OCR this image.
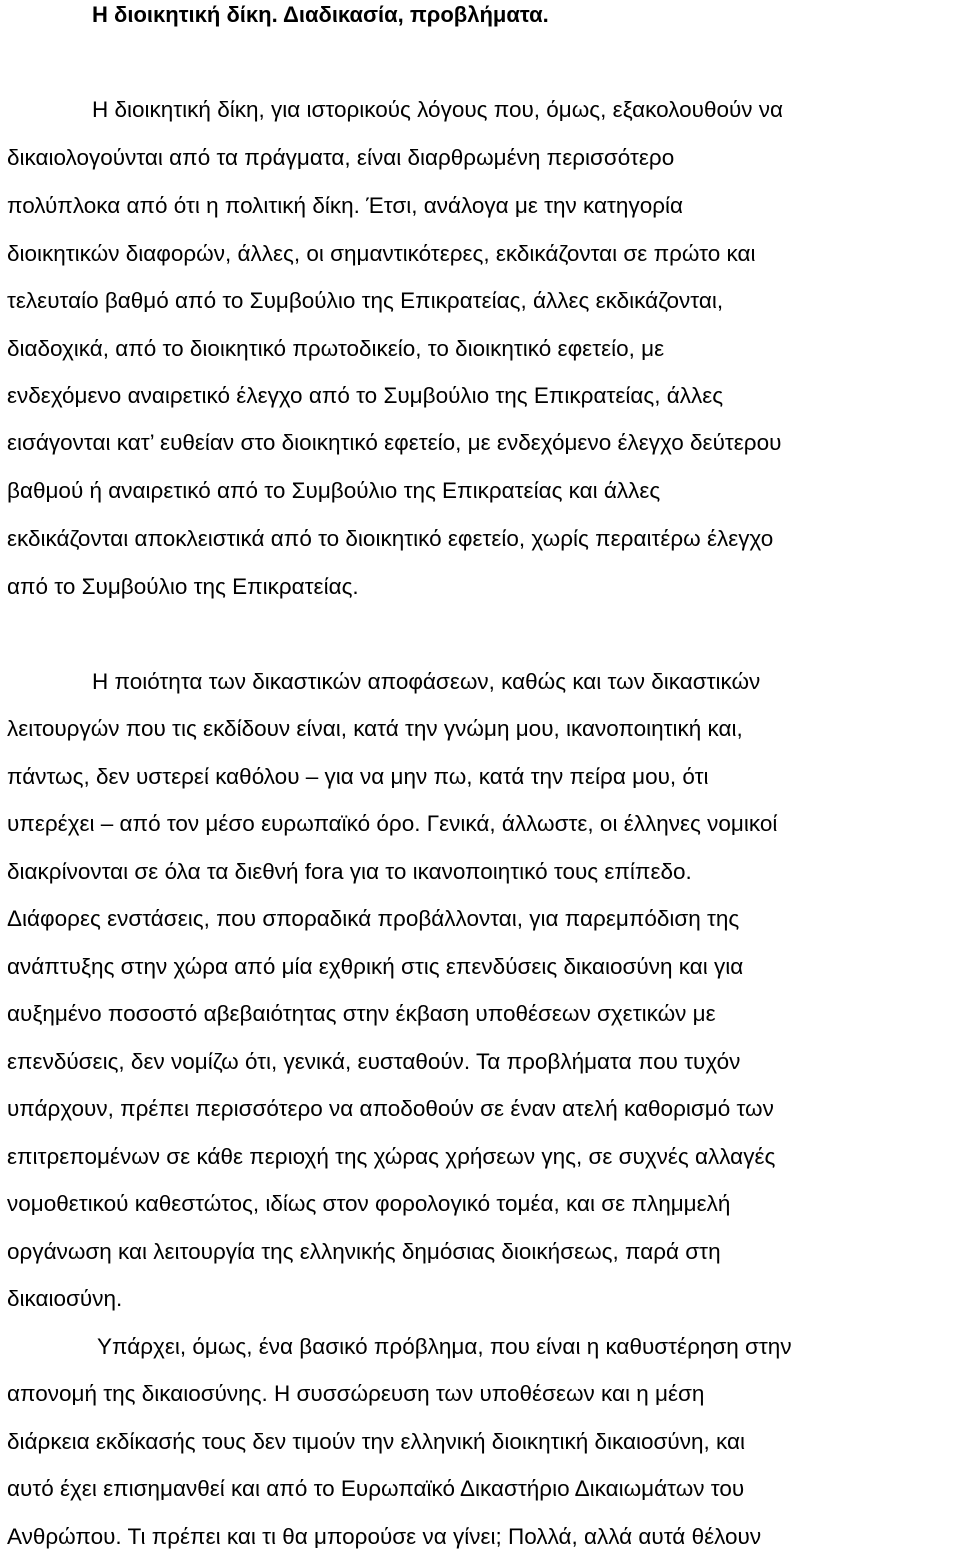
Η διοικητική δίκη. Διαδικασία, προβλήματα.
Η διοικητική δίκη, για ιστορικούς λόγους που, όμως, εξακολουθούν να
δικαιολογούνται από τα πράγματα, είναι διαρθρωμένη περισσότερο
πολύπλοκα από ότι η πολιτική δίκη. Έτσι, ανάλογα με την κατηγορία
διοικητικών διαφορών, άλλες, οι σημαντικότερες, εκδικάζονται σε πρώτο και
τελευταίο βαθμό από το Συμβούλιο της Επικρατείας, άλλες εκδικάζονται,
διαδοχικά, από το διοικητικό πρωτοδικείο, το διοικητικό εφετείο, με
ενδεχόμενο αναιρετικό έλεγχο από το Συμβούλιο της Επικρατείας, άλλες
εισάγονται κατ’ ευθείαν στο διοικητικό εφετείο, με ενδεχόμενο έλεγχο δεύτερου
βαθμού ή αναιρετικό από το Συμβούλιο της Επικρατείας και άλλες
εκδικάζονται αποκλειστικά από το διοικητικό εφετείο, χωρίς περαιτέρω έλεγχο
από το Συμβούλιο της Επικρατείας.
Η ποιότητα των δικαστικών αποφάσεων, καθώς και των δικαστικών
λειτουργών που τις εκδίδουν είναι, κατά την γνώμη μου, ικανοποιητική και,
πάντως, δεν υστερεί καθόλου – για να μην πω, κατά την πείρα μου, ότι
υπερέχει – από τον μέσο ευρωπαϊκό όρο. Γενικά, άλλωστε, οι έλληνες νομικοί
διακρίνονται σε όλα τα διεθνή fora για το ικανοποιητικό τους επίπεδο.
Διάφορες ενστάσεις, που σποραδικά προβάλλονται, για παρεμπόδιση της
ανάπτυξης στην χώρα από μία εχθρική στις επενδύσεις δικαιοσύνη και για
αυξημένο ποσοστό αβεβαιότητας στην έκβαση υποθέσεων σχετικών με
επενδύσεις, δεν νομίζω ότι, γενικά, ευσταθούν. Τα προβλήματα που τυχόν
υπάρχουν, πρέπει περισσότερο να αποδοθούν σε έναν ατελή καθορισμό των
επιτρεπομένων σε κάθε περιοχή της χώρας χρήσεων γης, σε συχνές αλλαγές
νομοθετικού καθεστώτος, ιδίως στον φορολογικό τομέα, και σε πλημμελή
οργάνωση και λειτουργία της ελληνικής δημόσιας διοικήσεως, παρά στη
δικαιοσύνη.
Υπάρχει, όμως, ένα βασικό πρόβλημα, που είναι η καθυστέρηση στην
απονομή της δικαιοσύνης. Η συσσώρευση των υποθέσεων και η μέση
διάρκεια εκδίκασής τους δεν τιμούν την ελληνική διοικητική δικαιοσύνη, και
αυτό έχει επισημανθεί και από το Ευρωπαϊκό Δικαστήριο Δικαιωμάτων του
Ανθρώπου. Τι πρέπει και τι θα μπορούσε να γίνει; Πολλά, αλλά αυτά θέλουν
